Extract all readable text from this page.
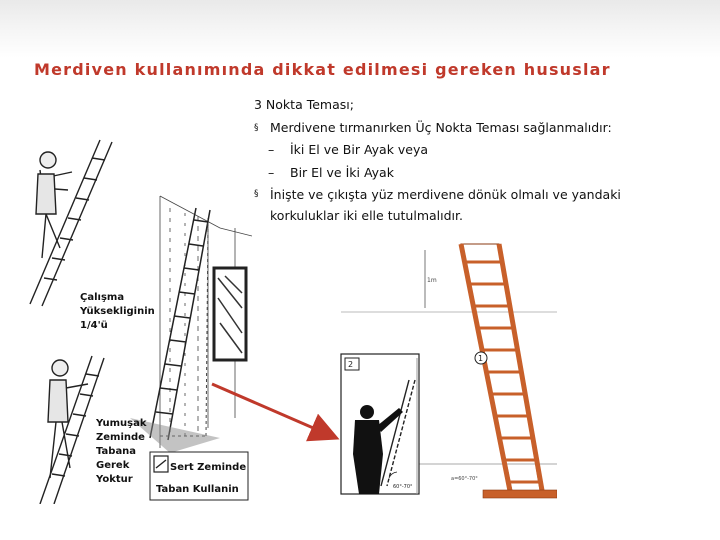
Merdiven kullanımında dikkat edilmesi gereken hususlar
3 Nokta Teması;
§ Merdivene tırmanırken Üç Nokta Teması sağlanmalıdır:
– İki El ve Bir Ayak veya
– Bir El ve İki Ayak
§ İnişte ve çıkışta yüz merdivene dönük olmalı ve yandaki
korkuluklar iki elle tutulmalıdır.
Çalışma
Yüksekliginin
1/4'ü
Yumuşak
Zeminde
Tabana
Gerek
Yoktur
Sert Zeminde
Taban Kullanin
1m
1
2
60°-70°
a=60°-70°
